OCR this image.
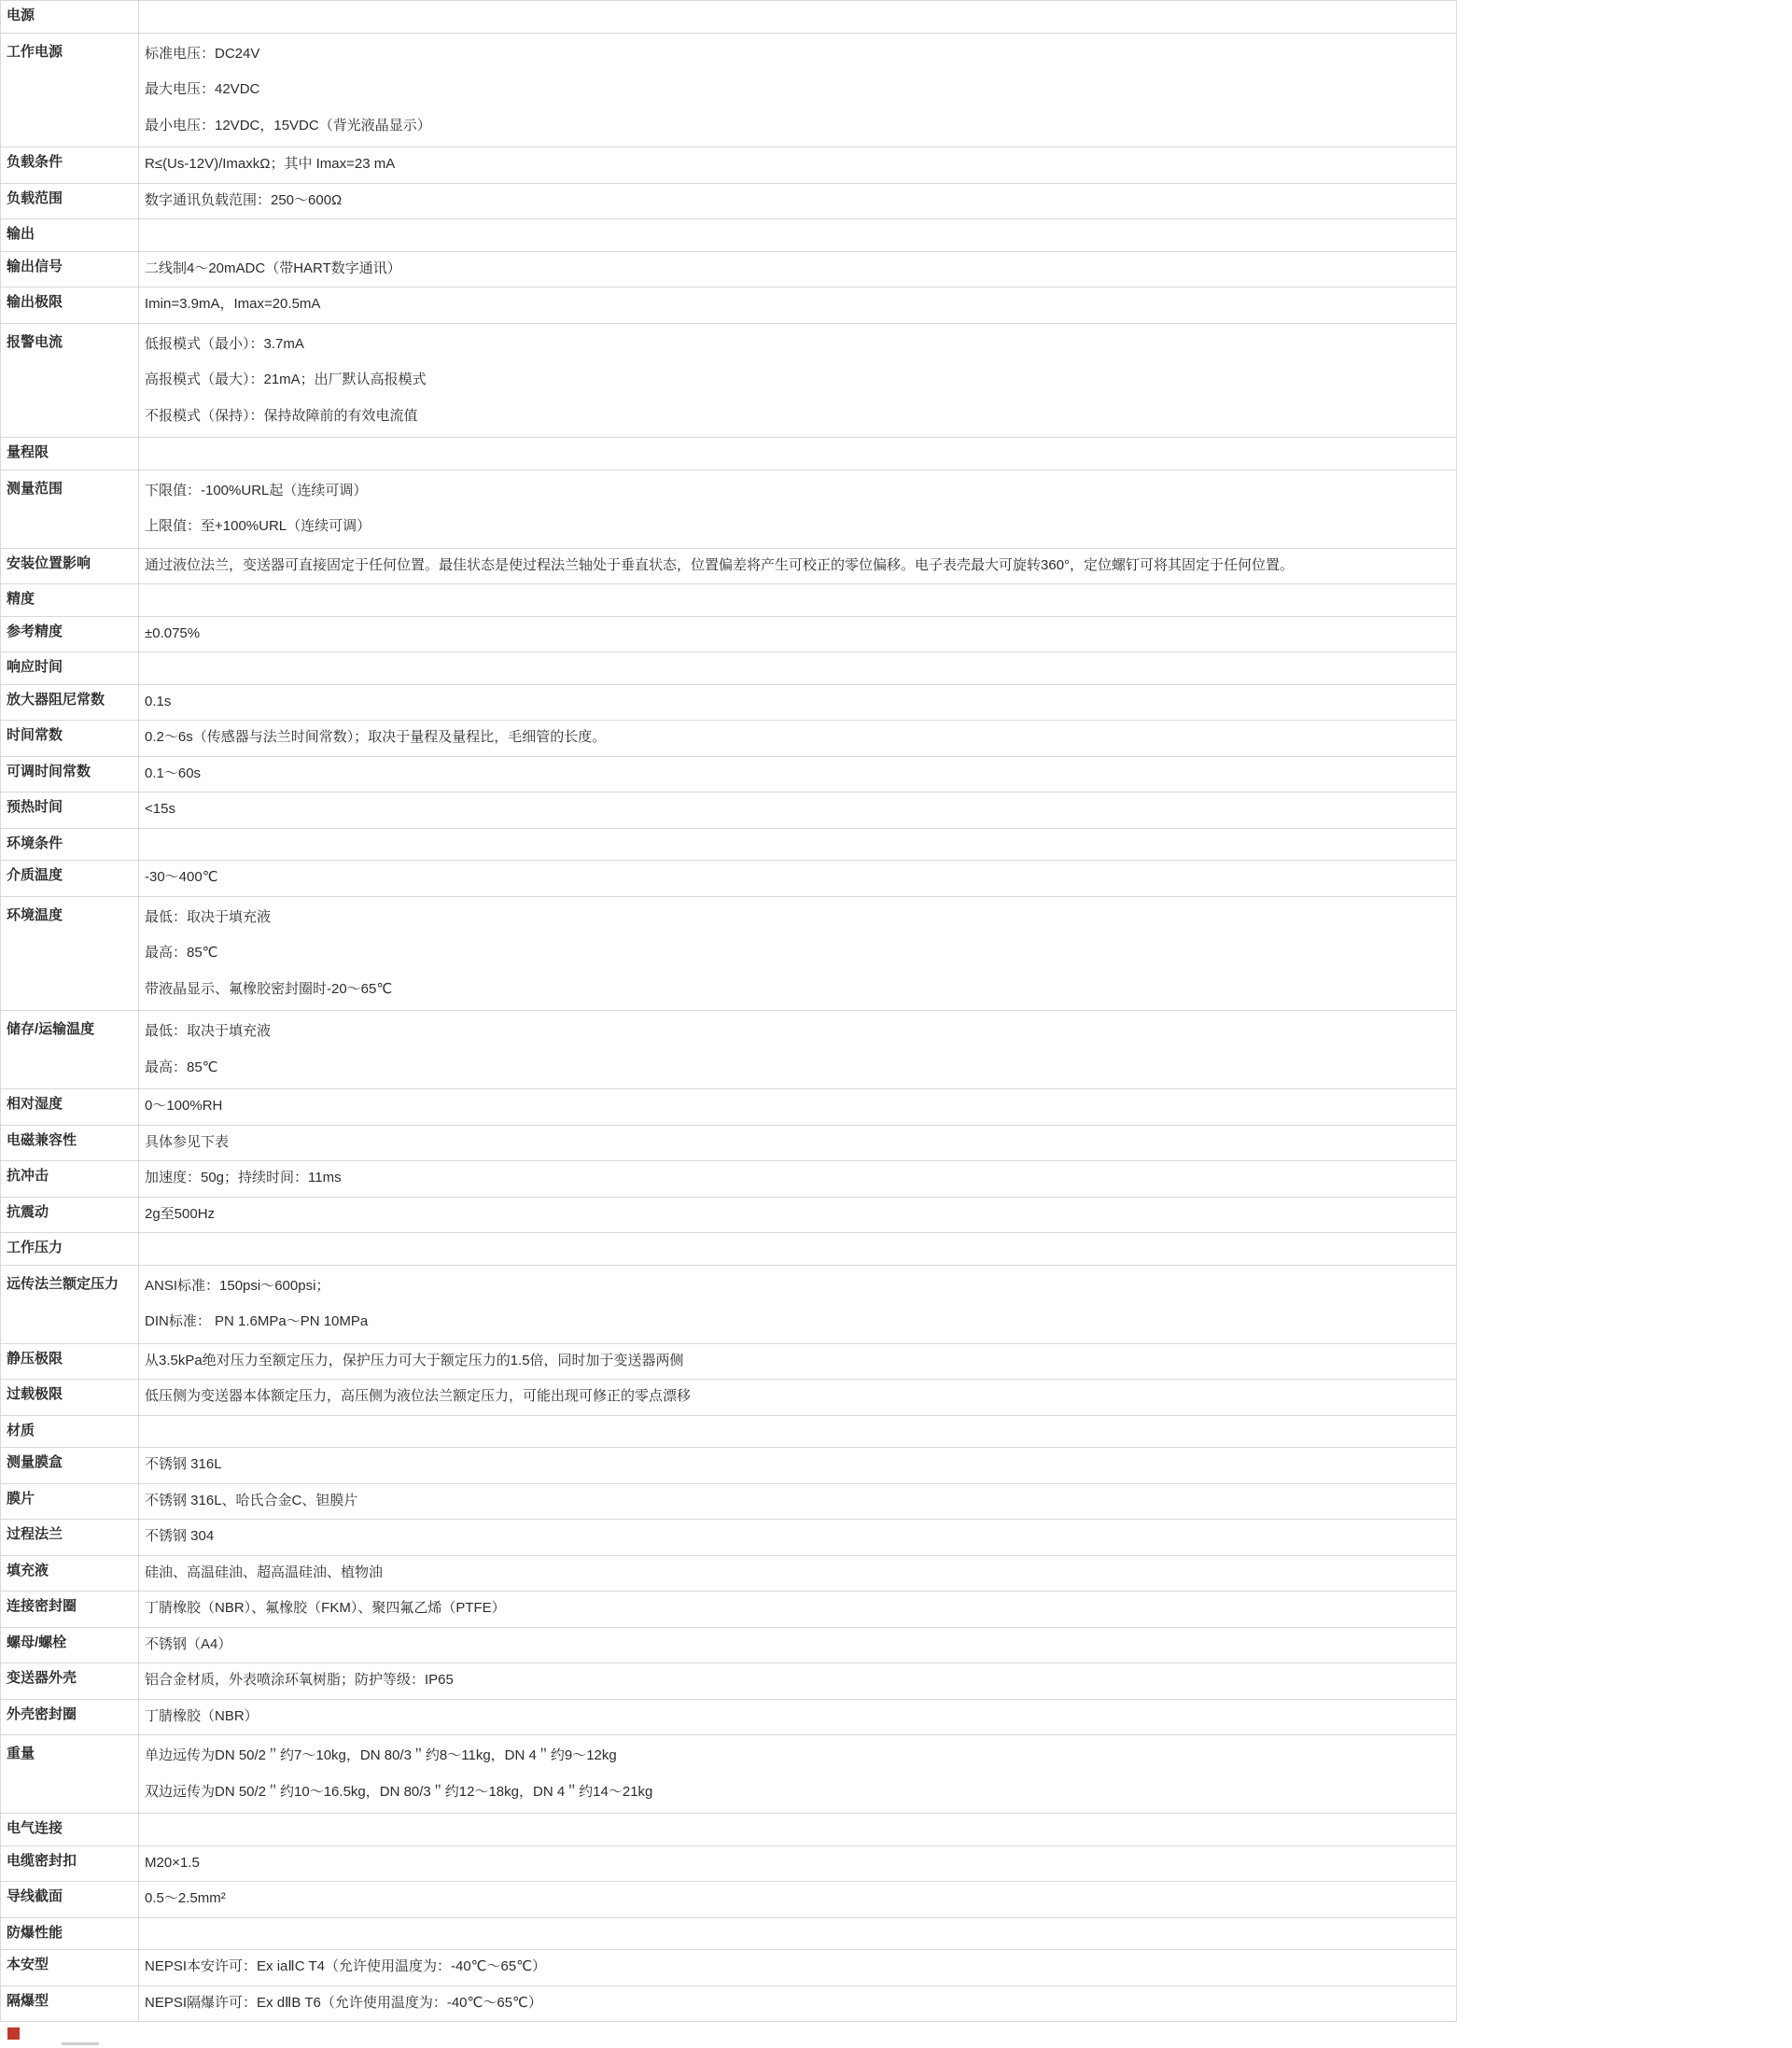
电源	
工作电源	标准电压：DC24V
最大电压：42VDC
最小电压：12VDC，15VDC（背光液晶显示）

负载条件	R≤(Us-12V)/ImaxkΩ；其中 Imax=23 mA

负载范围	数字通讯负载范围：250～600Ω

输出	
输出信号	二线制4～20mADC（带HART数字通讯）

输出极限	Imin=3.9mA，Imax=20.5mA

报警电流	低报模式（最小）：3.7mA
高报模式（最大）：21mA；出厂默认高报模式
不报模式（保持）：保持故障前的有效电流值

量程限	
测量范围	下限值：-100%URL起（连续可调）
上限值：至+100%URL（连续可调）

安装位置影响	通过液位法兰，变送器可直接固定于任何位置。最佳状态是使过程法兰轴处于垂直状态，位置偏差将产生可校正的零位偏移。电子表壳最大可旋转360°，定位螺钉可将其固定于任何位置。

精度	
参考精度	±0.075%

响应时间	
放大器阻尼常数	0.1s

时间常数	0.2～6s（传感器与法兰时间常数）；取决于量程及量程比，毛细管的长度。

可调时间常数	0.1～60s

预热时间	<15s

环境条件	
介质温度	-30～400℃

环境温度	最低：取决于填充液
最高：85℃
带液晶显示、氟橡胶密封圈时-20～65℃

储存/运输温度	最低：取决于填充液
最高：85℃

相对湿度	0～100%RH

电磁兼容性	具体参见下表

抗冲击	加速度：50g；持续时间：11ms

抗震动	2g至500Hz

工作压力	
远传法兰额定压力	ANSI标准：150psi～600psi；
DIN标准： PN 1.6MPa～PN 10MPa

静压极限	从3.5kPa绝对压力至额定压力，保护压力可大于额定压力的1.5倍，同时加于变送器两侧

过载极限	低压侧为变送器本体额定压力，高压侧为液位法兰额定压力，可能出现可修正的零点漂移

材质	
测量膜盒	不锈钢 316L

膜片	不锈钢 316L、哈氏合金C、钽膜片

过程法兰	不锈钢 304

填充液	硅油、高温硅油、超高温硅油、植物油

连接密封圈	丁腈橡胶（NBR）、氟橡胶（FKM）、聚四氟乙烯（PTFE）

螺母/螺栓	不锈钢（A4）

变送器外壳	铝合金材质，外表喷涂环氧树脂；防护等级：IP65

外壳密封圈	丁腈橡胶（NBR）

重量	单边远传为DN 50/2＂约7～10kg，DN 80/3＂约8～11kg，DN 4＂约9～12kg
双边远传为DN 50/2＂约10～16.5kg，DN 80/3＂约12～18kg，DN 4＂约14～21kg

电气连接	
电缆密封扣	M20×1.5

导线截面	0.5～2.5mm²

防爆性能	
本安型	NEPSI本安许可：Ex iaⅡC T4（允许使用温度为：-40℃～65℃）

隔爆型	NEPSI隔爆许可：Ex dⅡB T6（允许使用温度为：-40℃～65℃）
